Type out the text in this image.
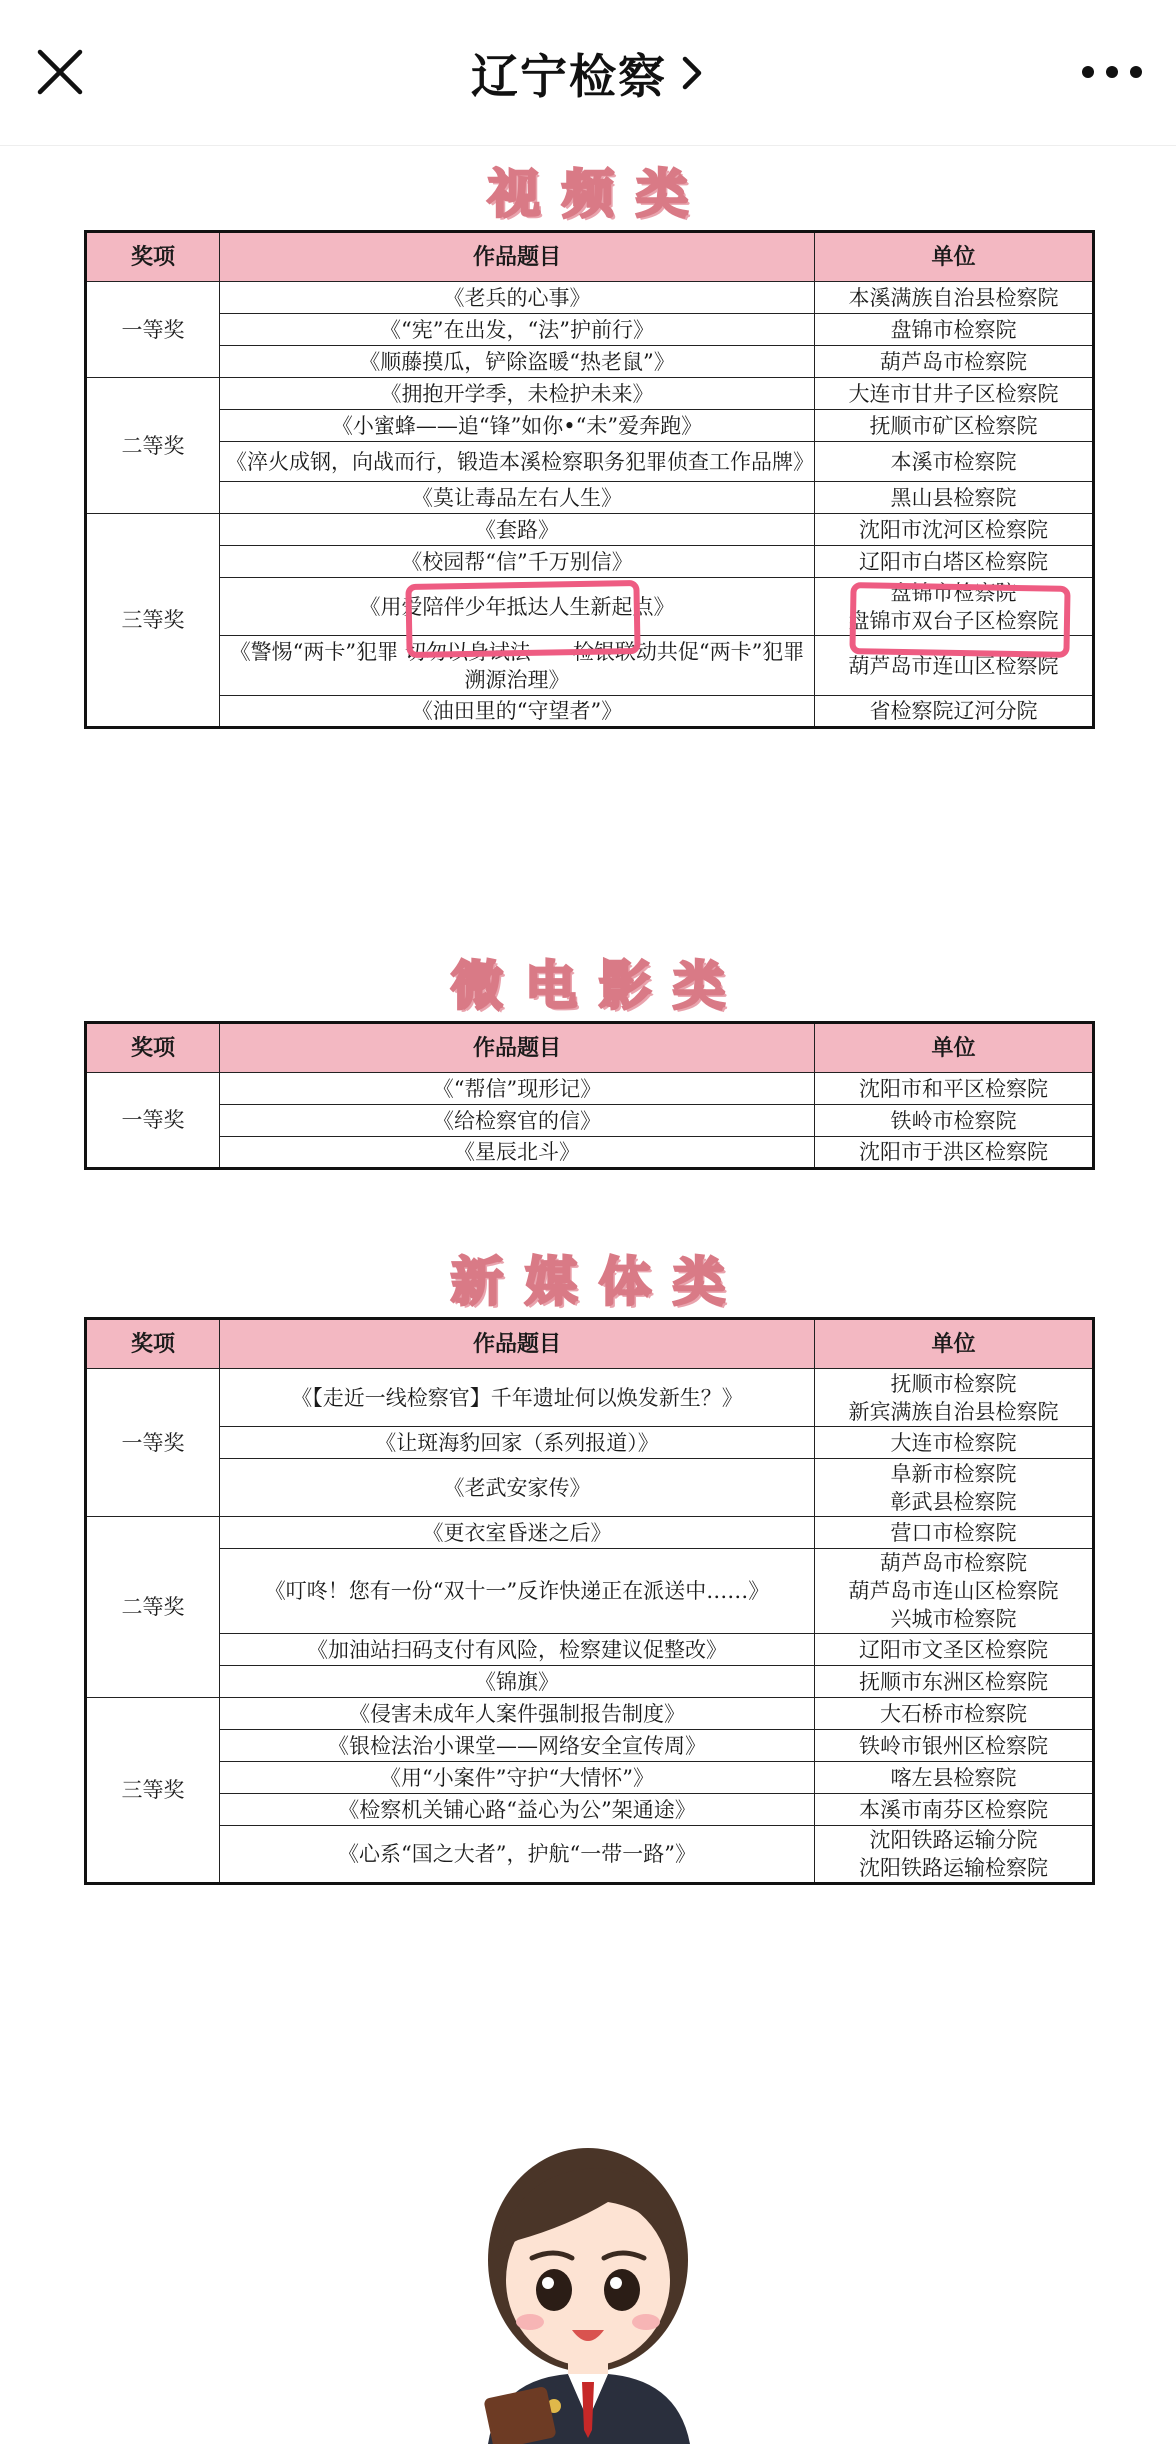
辽宁检察
视频类
奖项	作品题目	单位
一等奖	《老兵的心事》	本溪满族自治县检察院
	《“宪”在出发，“法”护前行》	盘锦市检察院
	《顺藤摸瓜，铲除盗暖“热老鼠”》	葫芦岛市检察院
二等奖	《拥抱开学季，未检护未来》	大连市甘井子区检察院
	《小蜜蜂——追“锋”如你•“未”爱奔跑》	抚顺市矿区检察院
	《淬火成钢，向战而行，锻造本溪检察职务犯罪侦查工作品牌》	本溪市检察院
	《莫让毒品左右人生》	黑山县检察院
三等奖	《套路》	沈阳市沈河区检察院
	《校园帮“信”千万别信》	辽阳市白塔区检察院
	《用爱陪伴少年抵达人生新起点》	盘锦市检察院
盘锦市双台子区检察院
	《警惕“两卡”犯罪 切勿以身试法——检银联动共促“两卡”犯罪溯源治理》	葫芦岛市连山区检察院
	《油田里的“守望者”》	省检察院辽河分院
微电影类
奖项	作品题目	单位
一等奖	《“帮信”现形记》	沈阳市和平区检察院
	《给检察官的信》	铁岭市检察院
	《星辰北斗》	沈阳市于洪区检察院
新媒体类
奖项	作品题目	单位
一等奖	《【走近一线检察官】千年遗址何以焕发新生？》	抚顺市检察院
新宾满族自治县检察院
	《让斑海豹回家（系列报道）》	大连市检察院
	《老武安家传》	阜新市检察院
彰武县检察院
二等奖	《更衣室昏迷之后》	营口市检察院
	《叮咚！您有一份“双十一”反诈快递正在派送中……》	葫芦岛市检察院
葫芦岛市连山区检察院
兴城市检察院
	《加油站扫码支付有风险，检察建议促整改》	辽阳市文圣区检察院
	《锦旗》	抚顺市东洲区检察院
三等奖	《侵害未成年人案件强制报告制度》	大石桥市检察院
	《银检法治小课堂——网络安全宣传周》	铁岭市银州区检察院
	《用“小案件”守护“大情怀”》	喀左县检察院
	《检察机关铺心路“益心为公”架通途》	本溪市南芬区检察院
	《心系“国之大者”，护航“一带一路”》	沈阳铁路运输分院
沈阳铁路运输检察院
